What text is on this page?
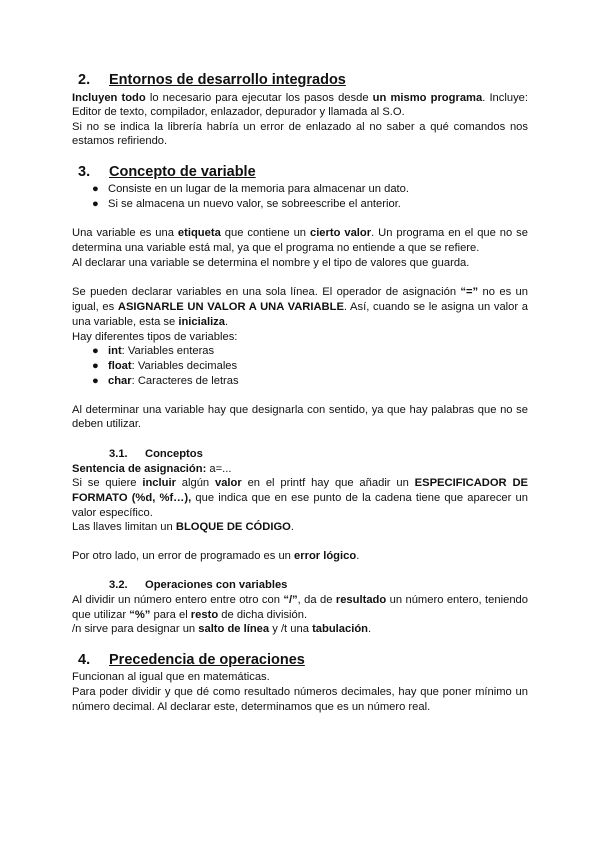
2. Entornos de desarrollo integrados
Incluyen todo lo necesario para ejecutar los pasos desde un mismo programa. Incluye:
Editor de texto, compilador, enlazador, depurador y llamada al S.O.
Si no se indica la librería habría un error de enlazado al no saber a qué comandos nos
estamos refiriendo.
3. Concepto de variable
● Consiste en un lugar de la memoria para almacenar un dato.
● Si se almacena un nuevo valor, se sobreescribe el anterior.
Una variable es una etiqueta que contiene un cierto valor. Un programa en el que no se
determina una variable está mal, ya que el programa no entiende a que se refiere.
Al declarar una variable se determina el nombre y el tipo de valores que guarda.
Se pueden declarar variables en una sola línea. El operador de asignación “=” no es un
igual, es ASIGNARLE UN VALOR A UNA VARIABLE. Así, cuando se le asigna un valor a
una variable, esta se inicializa.
Hay diferentes tipos de variables:
● int: Variables enteras
● float: Variables decimales
● char: Caracteres de letras
Al determinar una variable hay que designarla con sentido, ya que hay palabras que no se
deben utilizar.
3.1. Conceptos
Sentencia de asignación: a=...
Si se quiere incluir algún valor en el printf hay que añadir un ESPECIFICADOR DE
FORMATO (%d, %f…), que indica que en ese punto de la cadena tiene que aparecer un
valor específico.
Las llaves limitan un BLOQUE DE CÓDIGO.
Por otro lado, un error de programado es un error lógico.
3.2. Operaciones con variables
Al dividir un número entero entre otro con “/”, da de resultado un número entero, teniendo
que utilizar “%” para el resto de dicha división.
/n sirve para designar un salto de línea y /t una tabulación.
4. Precedencia de operaciones
Funcionan al igual que en matemáticas.
Para poder dividir y que dé como resultado números decimales, hay que poner mínimo un
número decimal. Al declarar este, determinamos que es un número real.
